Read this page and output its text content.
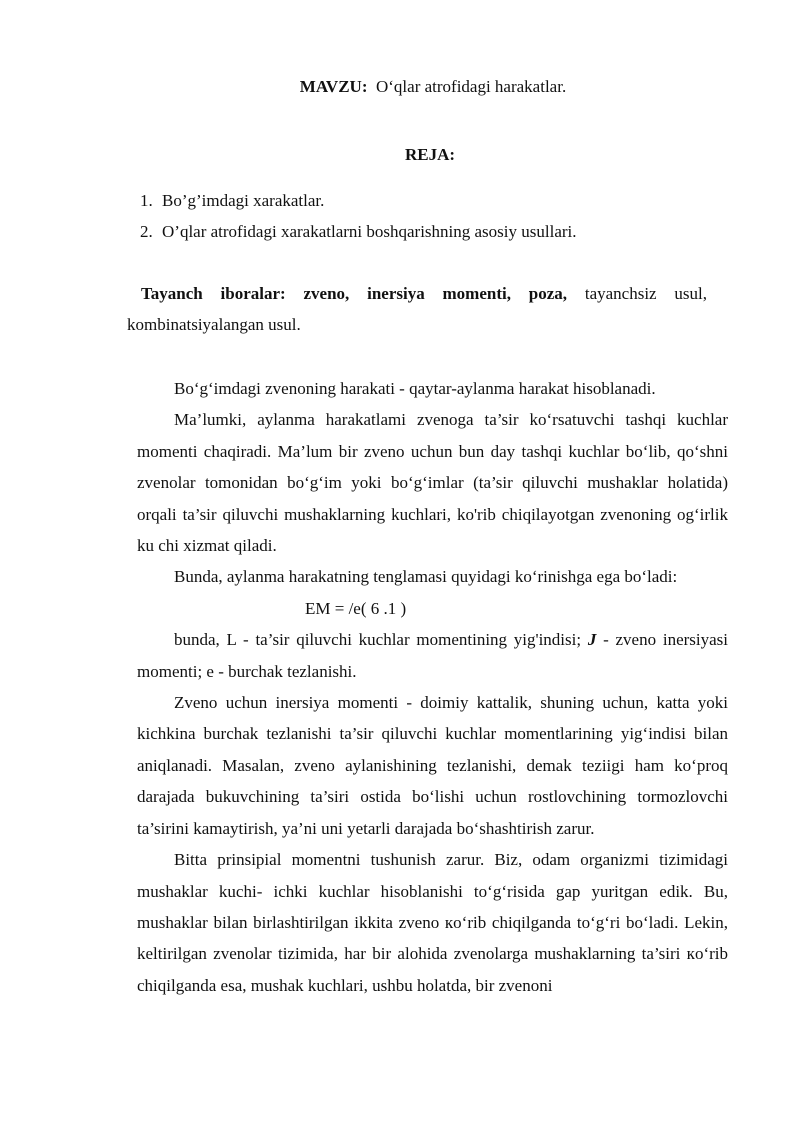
MAVZU: O‘qlar atrofidagi harakatlar.
REJA:
1. Bo’g’imdagi xarakatlar.
2. O’qlar atrofidagi xarakatlarni boshqarishning asosiy usullari.
Tayanch iboralar: zveno, inersiya momenti, poza, tayanchsiz usul,
kombinatsiyalangan usul.

Bo‘g‘imdagi zvenoning harakati - qaytar-aylanma harakat hisoblanadi.

Ma’lumki, aylanma harakatlami zvenoga ta’sir ko‘rsatuvchi tashqi kuchlar momenti chaqiradi. Ma’lum bir zveno uchun bun day tashqi kuchlar bo‘lib, qo‘shni zvenolar tomonidan bo‘g‘im yoki bo‘g‘imlar (ta’sir qiluvchi mushaklar holatida) orqali ta’sir qiluvchi mushaklarning kuchlari, ko'rib chiqilayotgan zvenoning og‘irlik ku chi xizmat qiladi.

Bunda, aylanma harakatning tenglamasi quyidagi ko‘rinishga ega bo‘ladi:

EM = /e( 6 .1 )

bunda, L - ta’sir qiluvchi kuchlar momentining yig'indisi; J - zveno inersiyasi momenti; e - burchak tezlanishi.

Zveno uchun inersiya momenti - doimiy kattalik, shuning uchun, katta yoki kichkina burchak tezlanishi ta’sir qiluvchi kuchlar momentlarining yig‘indisi bilan aniqlanadi. Masalan, zveno aylanishining tezlanishi, demak teziigi ham ko‘proq darajada bukuvchining ta’siri ostida bo‘lishi uchun rostlovchining tormozlovchi ta’sirini kamaytirish, ya’ni uni yetarli darajada bo‘shashtirish zarur.

Bitta prinsipial momentni tushunish zarur. Biz, odam organizmi tizimidagi mushaklar kuchi- ichki kuchlar hisoblanishi to‘g‘risida gap yuritgan edik. Bu, mushaklar bilan birlashtirilgan ikkita zveno кo‘rib chiqilganda to‘g‘ri bo‘ladi. Lekin, keltirilgan zvenolar tizimida, har bir alohida zvenolarga mushaklarning ta’siri кo‘rib chiqilganda esa, mushak kuchlari, ushbu holatda, bir zvenoni
